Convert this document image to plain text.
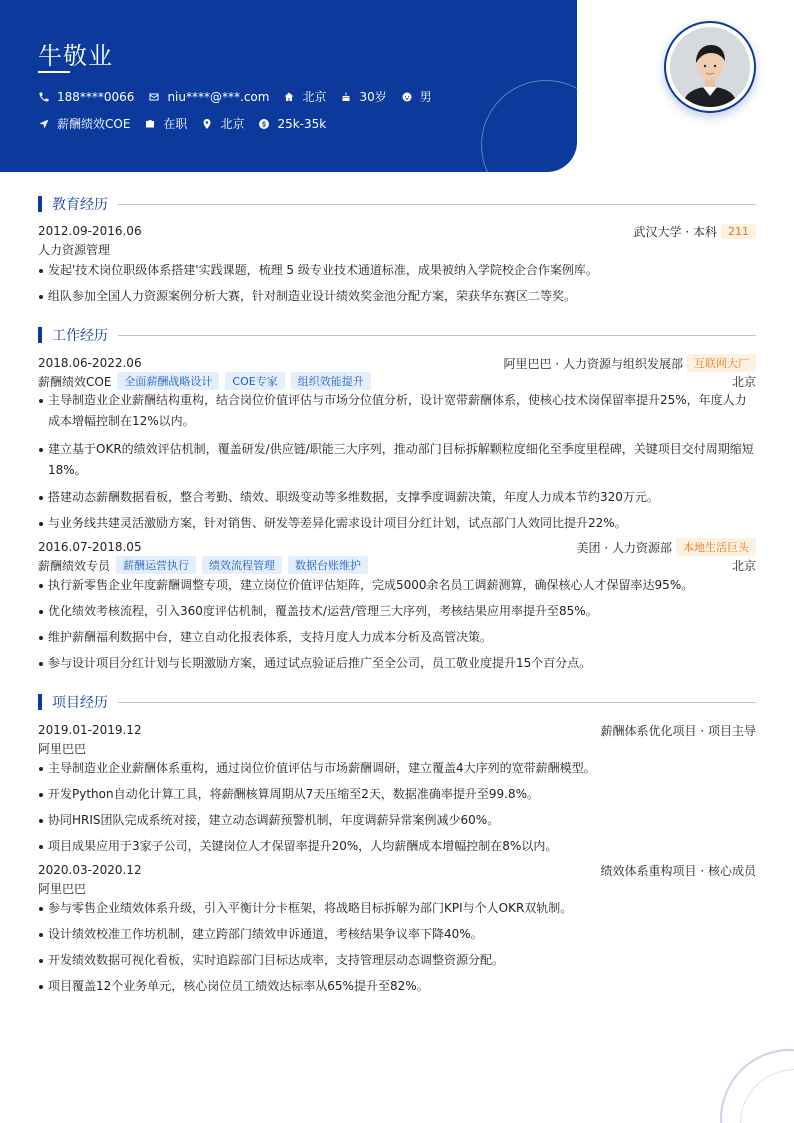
牛敬业
188****0066	niu****@***.com	北京	30岁	男
薪酬绩效COE	在职	北京	25k-35k
教育经历
2012.09-2016.06	武汉大学 · 本科	211
人力资源管理
发起'技术岗位职级体系搭建'实践课题，梳理 5 级专业技术通道标准，成果被纳入学院校企合作案例库。
组队参加全国人力资源案例分析大赛，针对制造业设计绩效奖金池分配方案，荣获华东赛区二等奖。
工作经历
2018.06-2022.06	阿里巴巴 · 人力资源与组织发展部	互联网大厂
薪酬绩效COE	全面薪酬战略设计	COE专家	组织效能提升	北京
主导制造业企业薪酬结构重构，结合岗位价值评估与市场分位值分析，设计宽带薪酬体系，使核心技术岗保留率提升25%，年度人力成本增幅控制在12%以内。
建立基于OKR的绩效评估机制，覆盖研发/供应链/职能三大序列，推动部门目标拆解颗粒度细化至季度里程碑，关键项目交付周期缩短18%。
搭建动态薪酬数据看板，整合考勤、绩效、职级变动等多维数据，支撑季度调薪决策，年度人力成本节约320万元。
与业务线共建灵活激励方案，针对销售、研发等差异化需求设计项目分红计划，试点部门人效同比提升22%。
2016.07-2018.05	美团 · 人力资源部	本地生活巨头
薪酬绩效专员	薪酬运营执行	绩效流程管理	数据台账维护	北京
执行新零售企业年度薪酬调整专项，建立岗位价值评估矩阵，完成5000余名员工调薪测算，确保核心人才保留率达95%。
优化绩效考核流程，引入360度评估机制，覆盖技术/运营/管理三大序列，考核结果应用率提升至85%。
维护薪酬福利数据中台，建立自动化报表体系，支持月度人力成本分析及高管决策。
参与设计项目分红计划与长期激励方案，通过试点验证后推广至全公司，员工敬业度提升15个百分点。
项目经历
2019.01-2019.12	薪酬体系优化项目 · 项目主导
阿里巴巴
主导制造业企业薪酬体系重构，通过岗位价值评估与市场薪酬调研，建立覆盖4大序列的宽带薪酬模型。
开发Python自动化计算工具，将薪酬核算周期从7天压缩至2天，数据准确率提升至99.8%。
协同HRIS团队完成系统对接，建立动态调薪预警机制，年度调薪异常案例减少60%。
项目成果应用于3家子公司，关键岗位人才保留率提升20%，人均薪酬成本增幅控制在8%以内。
2020.03-2020.12	绩效体系重构项目 · 核心成员
阿里巴巴
参与零售企业绩效体系升级，引入平衡计分卡框架，将战略目标拆解为部门KPI与个人OKR双轨制。
设计绩效校准工作坊机制，建立跨部门绩效申诉通道，考核结果争议率下降40%。
开发绩效数据可视化看板，实时追踪部门目标达成率，支持管理层动态调整资源分配。
项目覆盖12个业务单元，核心岗位员工绩效达标率从65%提升至82%。
